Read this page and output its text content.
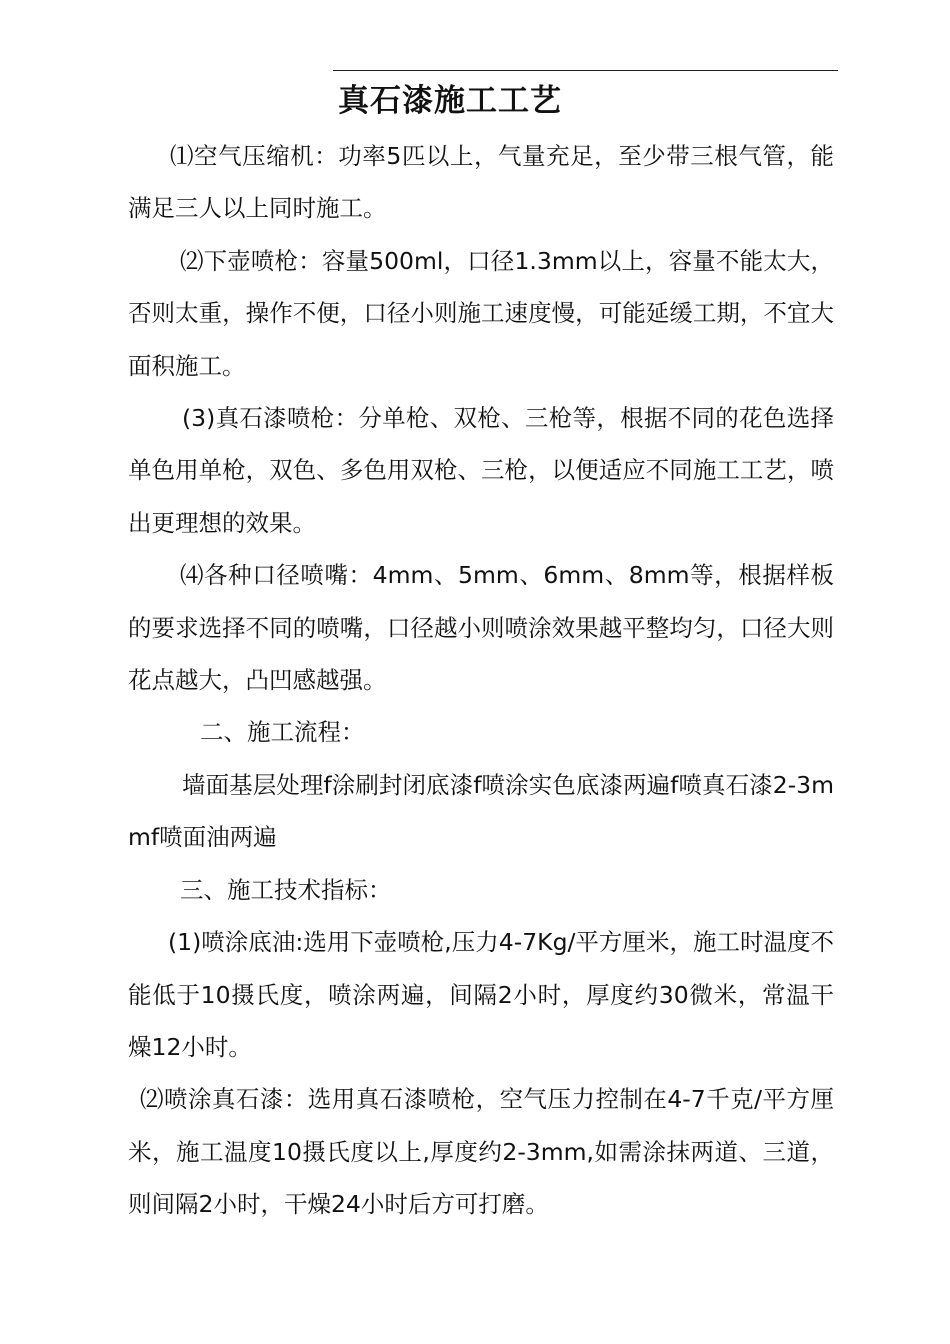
真石漆施工工艺

⑴空气压缩机：功率5匹以上，气量充足，至少带三根气管，能满足三人以上同时施工。

⑵下壶喷枪：容量500ml，口径1.3mm以上，容量不能太大，否则太重，操作不便，口径小则施工速度慢，可能延缓工期，不宜大面积施工。

(3)真石漆喷枪：分单枪、双枪、三枪等，根据不同的花色选择单色用单枪，双色、多色用双枪、三枪，以便适应不同施工工艺，喷出更理想的效果。

⑷各种口径喷嘴：4mm、5mm、6mm、8mm等，根据样板的要求选择不同的喷嘴，口径越小则喷涂效果越平整均匀，口径大则花点越大，凸凹感越强。

二、施工流程：

墙面基层处理f涂刷封闭底漆f喷涂实色底漆两遍f喷真石漆2-3mmf喷面油两遍

三、施工技术指标：

(1)喷涂底油:选用下壶喷枪,压力4-7Kg/平方厘米，施工时温度不能低于10摄氏度，喷涂两遍，间隔2小时，厚度约30微米，常温干燥12小时。

⑵喷涂真石漆：选用真石漆喷枪，空气压力控制在4-7千克/平方厘米，施工温度10摄氏度以上,厚度约2-3mm,如需涂抹两道、三道，则间隔2小时，干燥24小时后方可打磨。
